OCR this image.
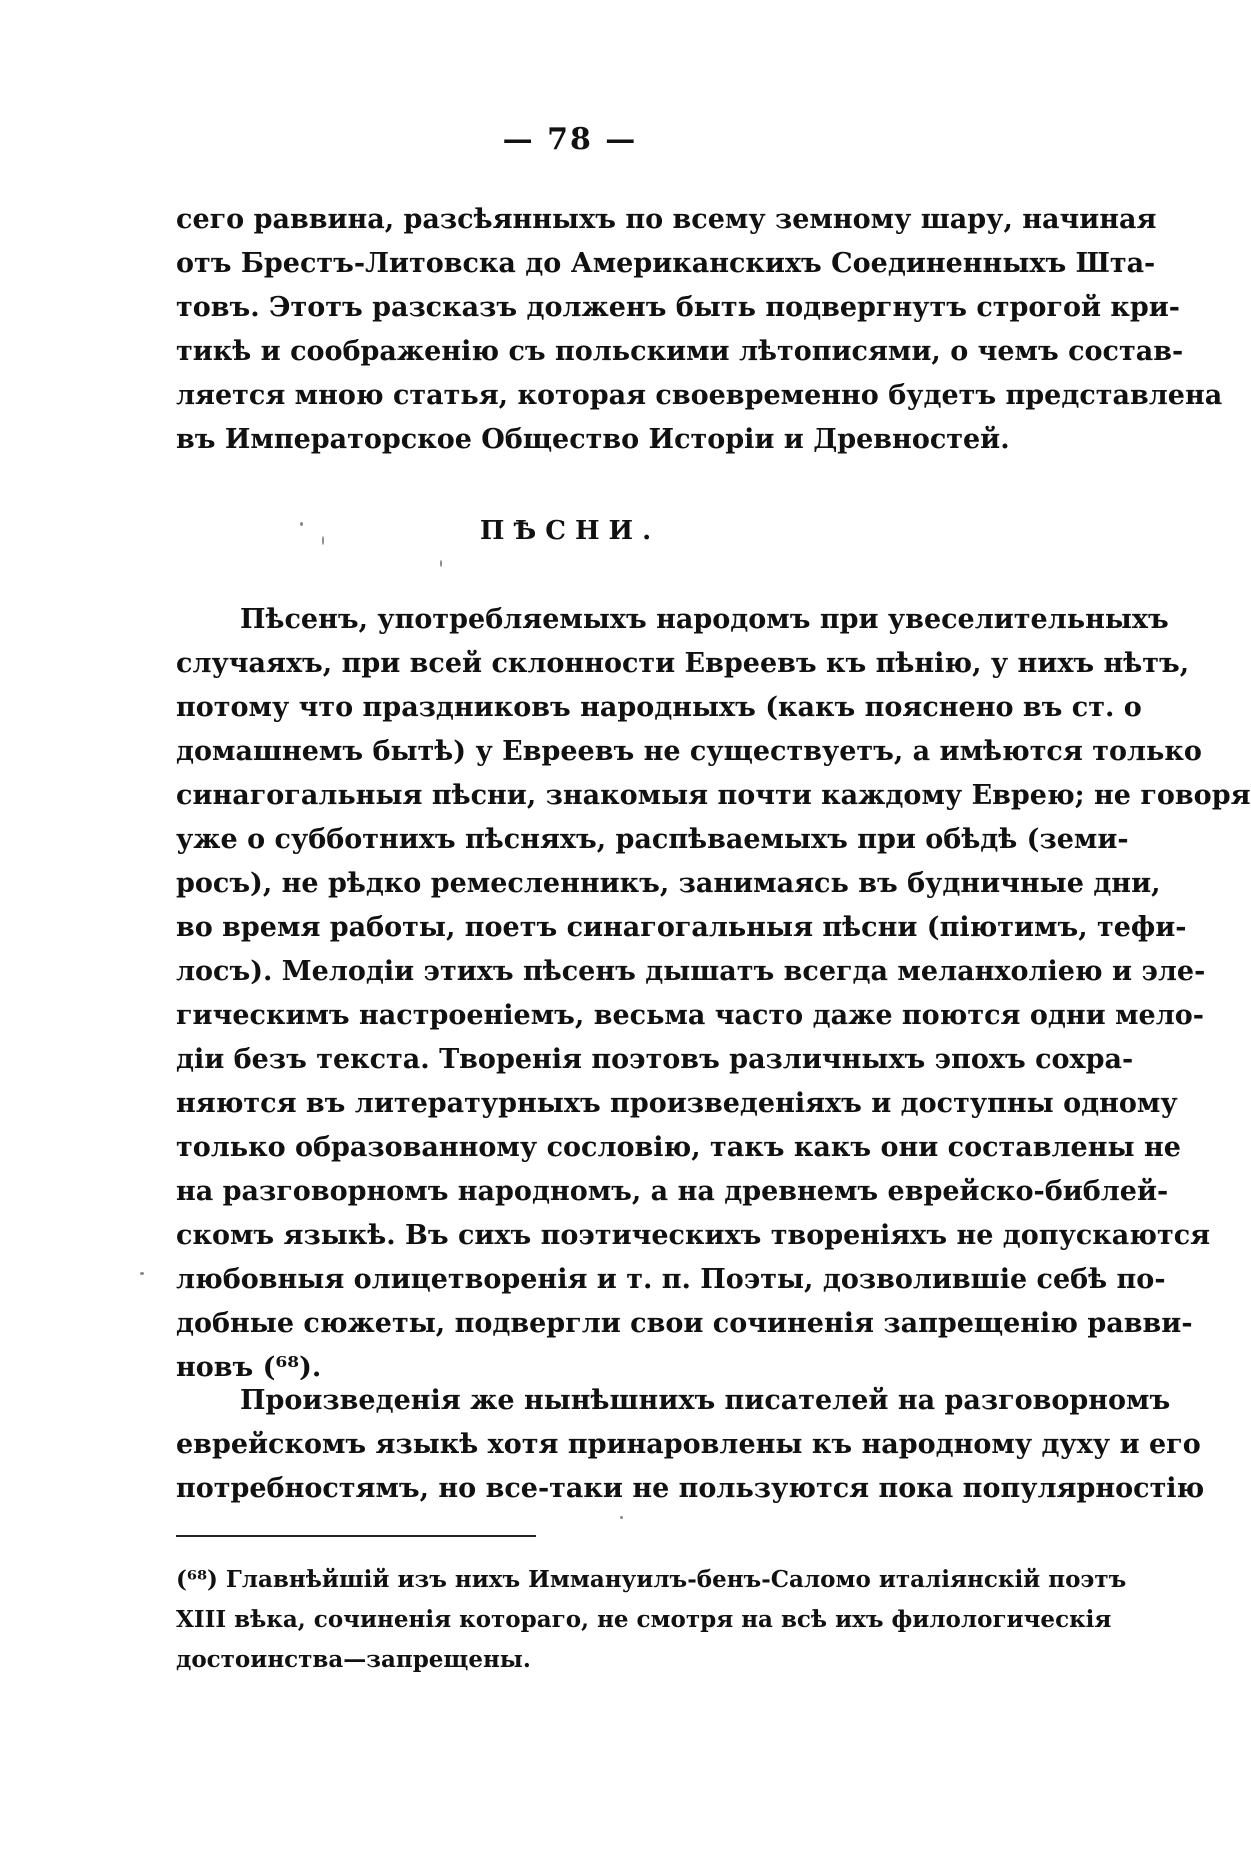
— 78 —
сего раввина, разсѣянныхъ по всему земному шару, начиная
отъ Брестъ-Литовска до Американскихъ Соединенныхъ Шта-
товъ. Этотъ разсказъ долженъ быть подвергнутъ строгой кри-
тикѣ и соображенію съ польскими лѣтописями, о чемъ состав-
ляется мною статья, которая своевременно будетъ представлена
въ Императорское Общество Исторіи и Древностей.
ПѢСНИ.
Пѣсенъ, употребляемыхъ народомъ при увеселительныхъ
случаяхъ, при всей склонности Евреевъ къ пѣнію, у нихъ нѣтъ,
потому что праздниковъ народныхъ (какъ пояснено въ ст. о
домашнемъ бытѣ) у Евреевъ не существуетъ, а имѣются только
синагогальныя пѣсни, знакомыя почти каждому Еврею; не говоря
уже о субботнихъ пѣсняхъ, распѣваемыхъ при обѣдѣ (земи-
росъ), не рѣдко ремесленникъ, занимаясь въ будничные дни,
во время работы, поетъ синагогальныя пѣсни (піютимъ, тефи-
лосъ). Мелодіи этихъ пѣсенъ дышатъ всегда меланхоліею и эле-
гическимъ настроеніемъ, весьма часто даже поются одни мело-
діи безъ текста. Творенія поэтовъ различныхъ эпохъ сохра-
няются въ литературныхъ произведеніяхъ и доступны одному
только образованному сословію, такъ какъ они составлены не
на разговорномъ народномъ, а на древнемъ еврейско-библей-
скомъ языкѣ. Въ сихъ поэтическихъ твореніяхъ не допускаются
любовныя олицетворенія и т. п. Поэты, дозволившіе себѣ по-
добные сюжеты, подвергли свои сочиненія запрещенію равви-
новъ (⁶⁸).
Произведенія же нынѣшнихъ писателей на разговорномъ
еврейскомъ языкѣ хотя принаровлены къ народному духу и его
потребностямъ, но все-таки не пользуются пока популярностію
(⁶⁸) Главнѣйшій изъ нихъ Иммануилъ-бенъ-Саломо италіянскій поэтъ
XIII вѣка, сочиненія котораго, не смотря на всѣ ихъ филологическія
достоинства—запрещены.
